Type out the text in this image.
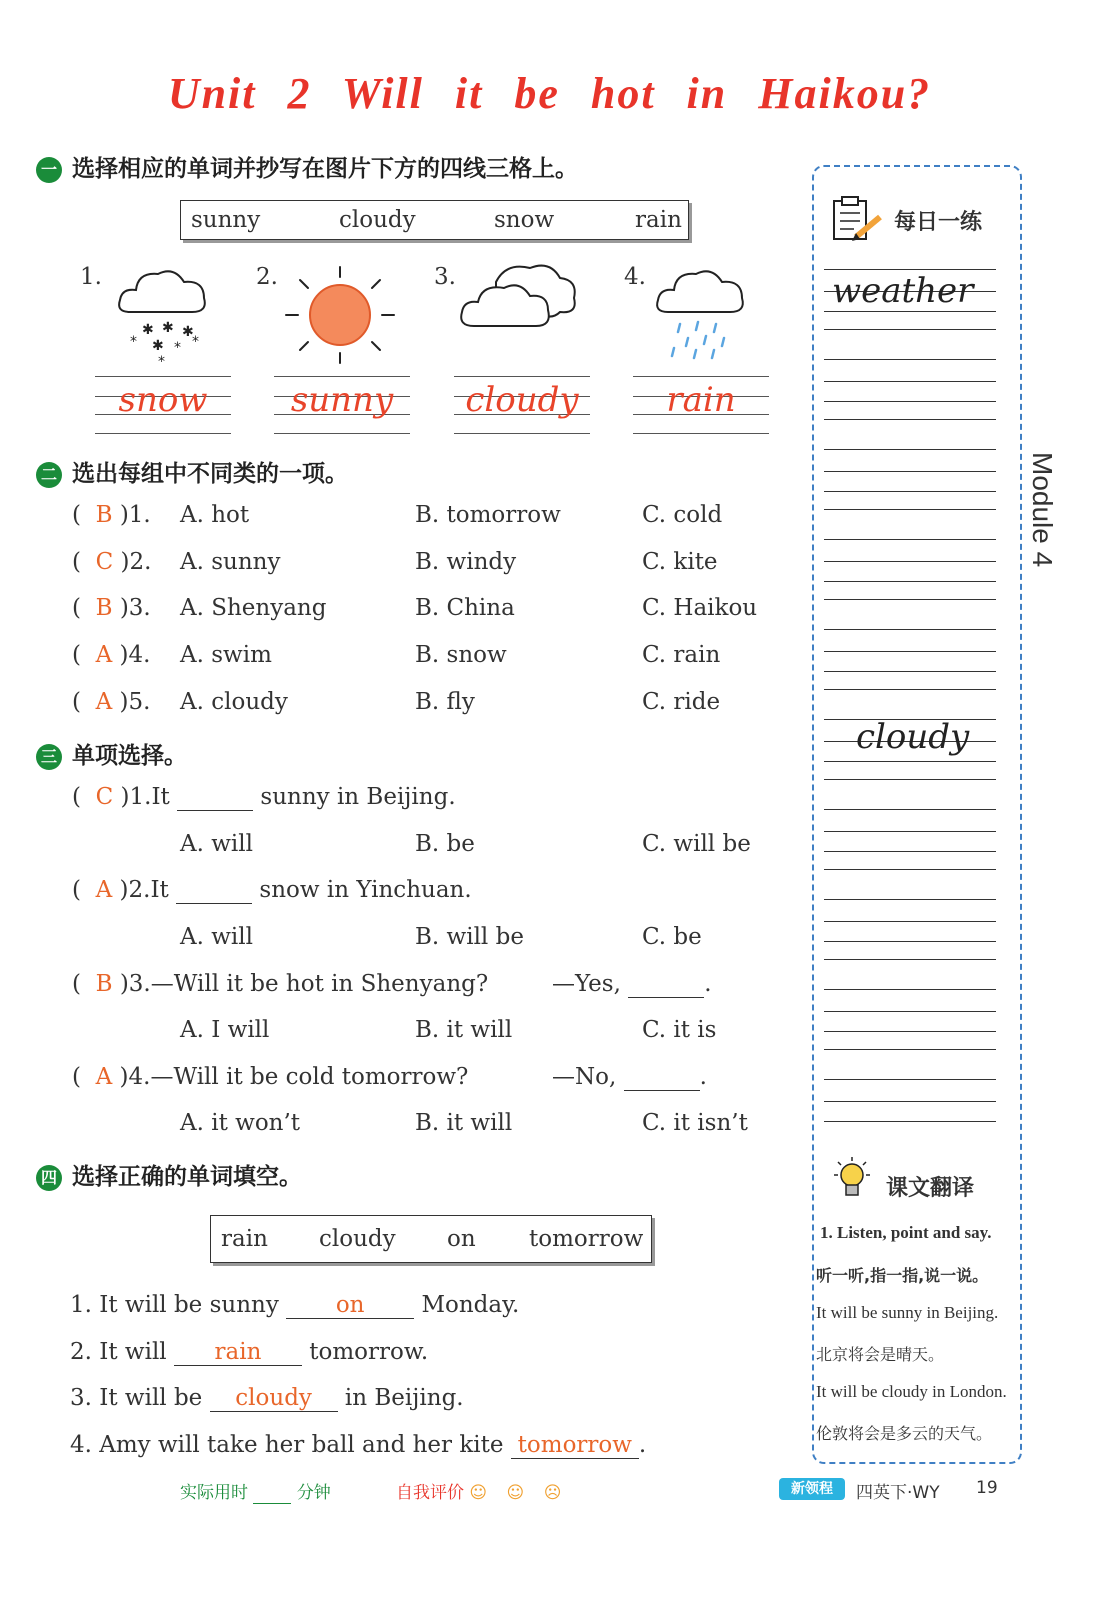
Unit 2 Will it be hot in Haikou?
一 选择相应的单词并抄写在图片下方的四线三格上。
sunny	cloudy	snow	rain
1.	2.	3.	4.
✱ ✱ ✱
* ✱ * *
*
snow	sunny	cloudy	rain
二 选出每组中不同类的一项。
(  B )1. A. hot	B. tomorrow	C. cold
(  C )2. A. sunny	B. windy	C. kite
(  B )3. A. Shenyang	B. China	C. Haikou
(  A )4. A. swim	B. snow	C. rain
(  A )5. A. cloudy	B. fly	C. ride
三 单项选择。
(  C )1.It	sunny in Beijing.
A. will	B. be	C. will be
(  A )2.It	snow in Yinchuan.
A. will	B. will be	C. be
(  B )3.—Will it be hot in Shenyang?	—Yes,	.
A. I will	B. it will	C. it is
(  A )4.—Will it be cold tomorrow?	—No,	.
A. it won’t	B. it will	C. it isn’t
四 选择正确的单词填空。
rain cloudy on tomorrow
1. It will be sunny on Monday.
2. It will rain tomorrow.
3. It will be cloudy in Beijing.
4. Amy will take her ball and her kite tomorrow .
每日一练
weather
cloudy
课文翻译
1. Listen, point and say.
听一听,指一指,说一说。
It will be sunny in Beijing.
北京将会是晴天。
It will be cloudy in London.
伦敦将会是多云的天气。
Module 4
实际用时	分钟	自我评价 ☺ ☺ ☹	新领程	四英下·WY 19
